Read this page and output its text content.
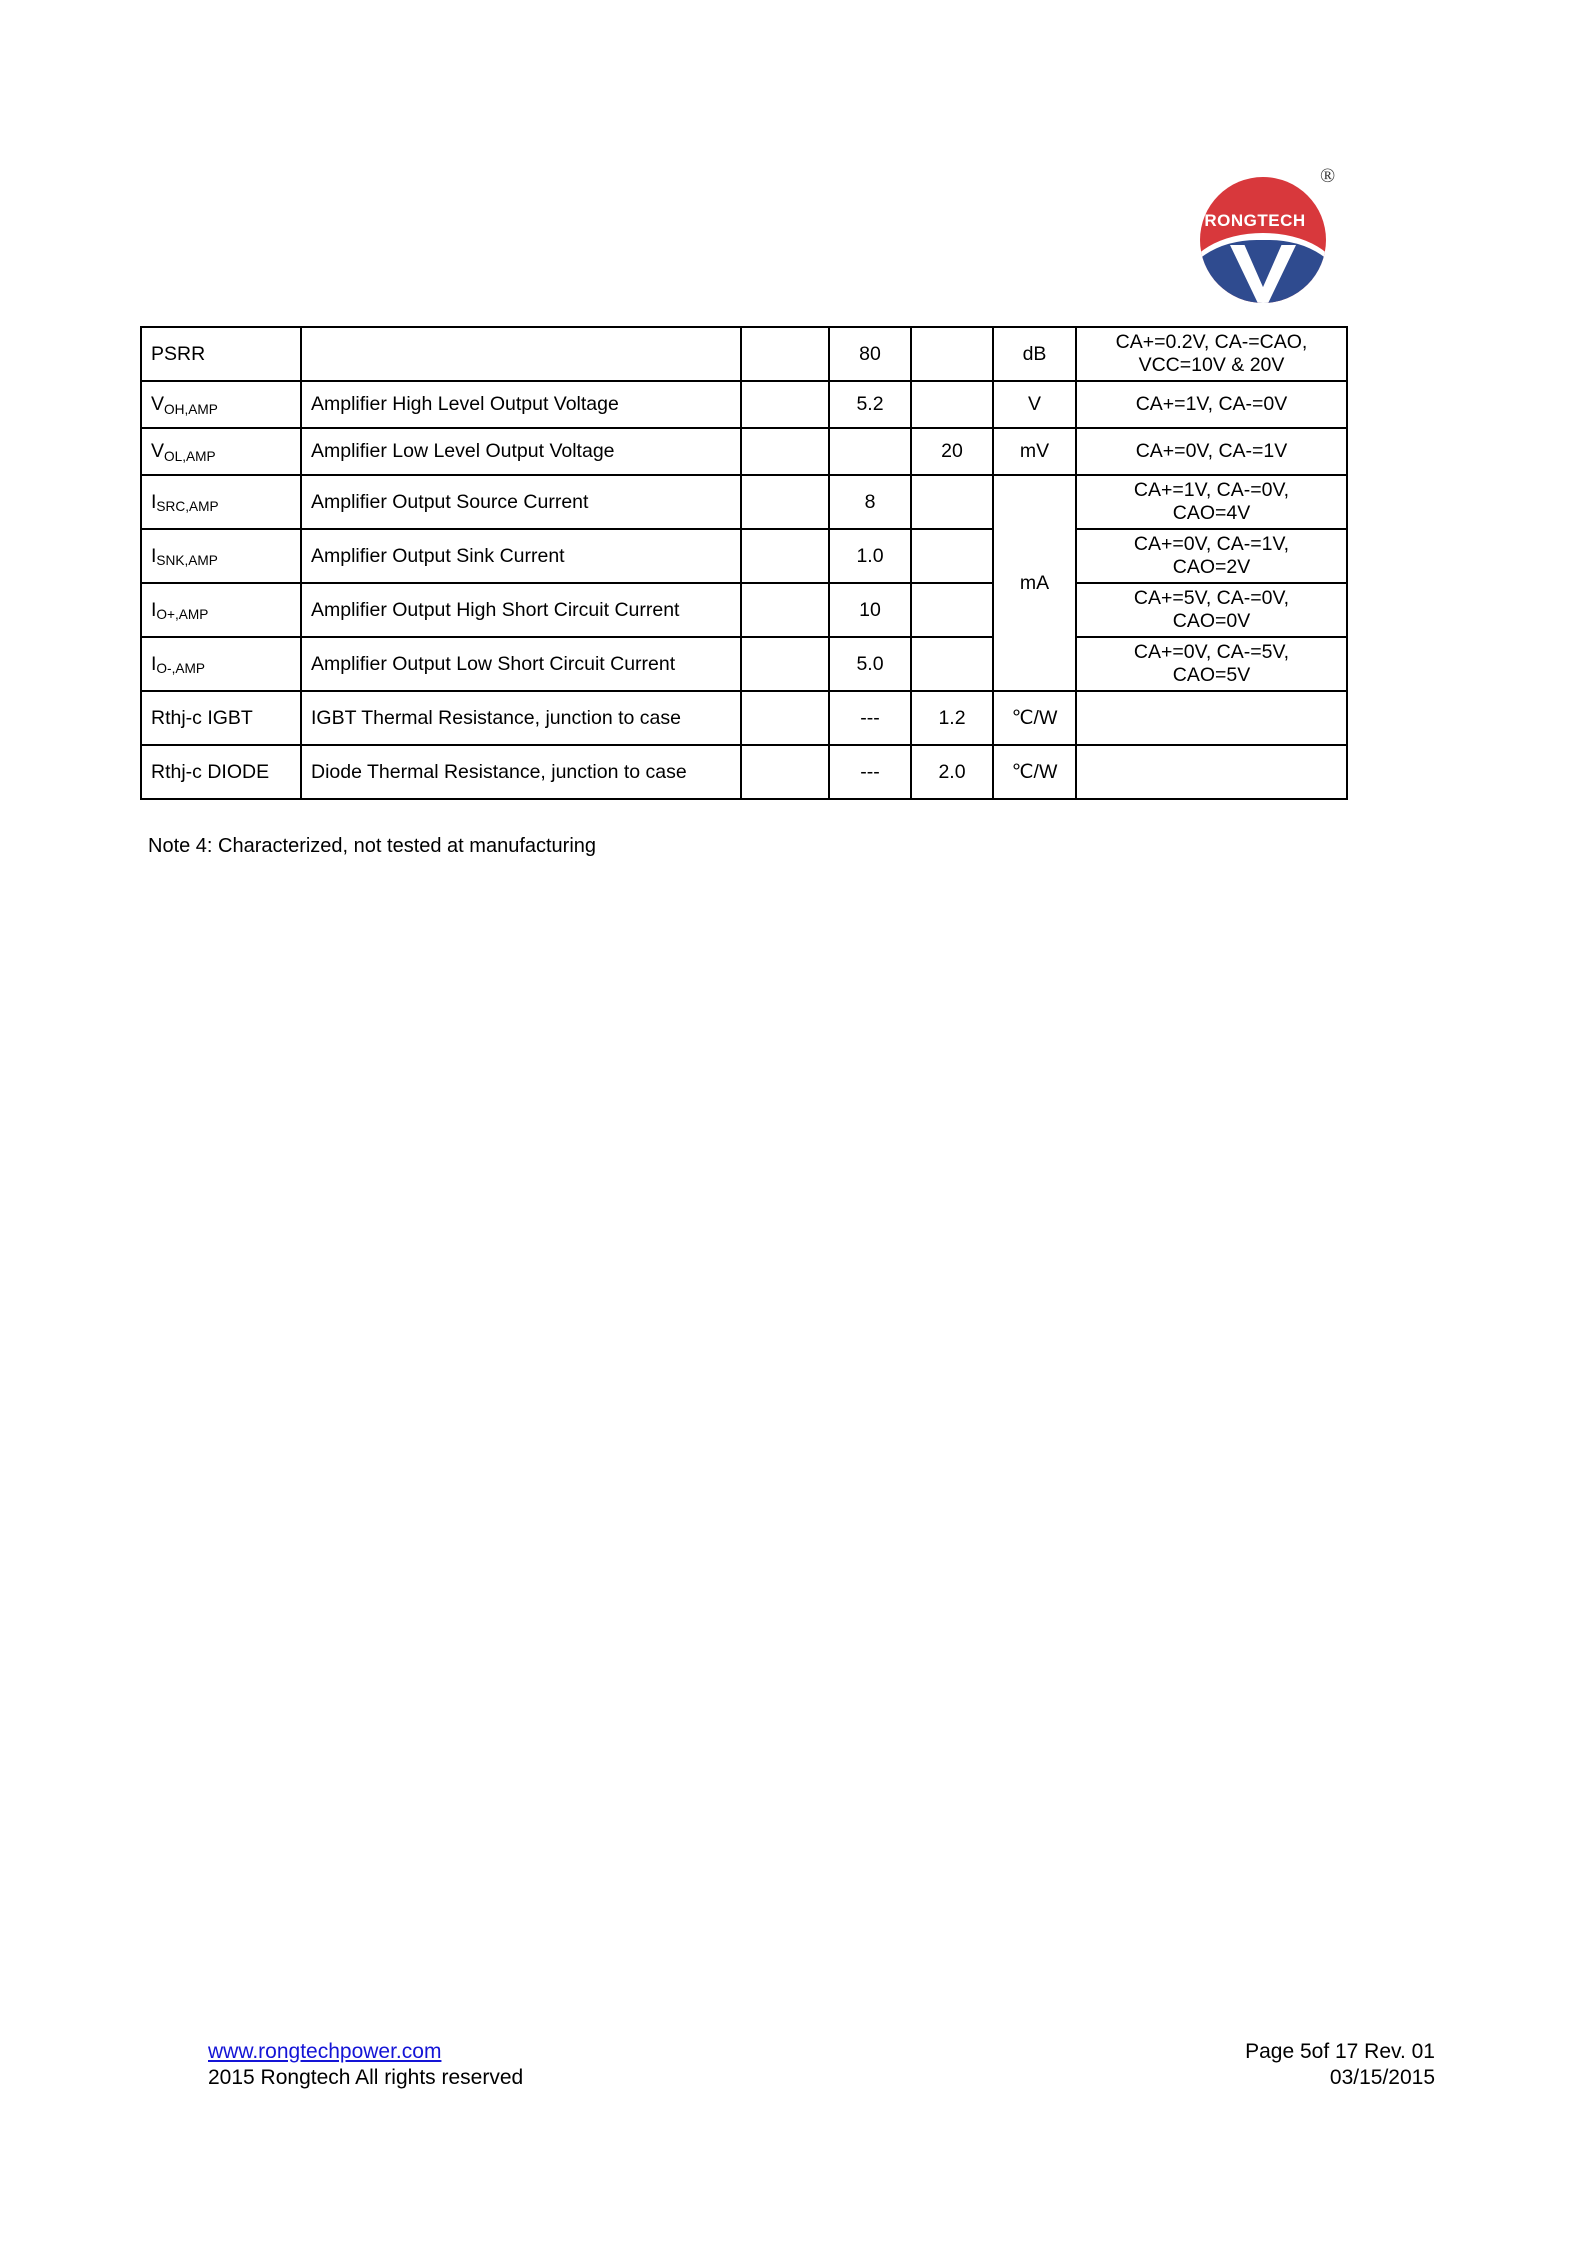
RONGTECH
®
PSRR			80		dB	CA+=0.2V, CA-=CAO,
VCC=10V & 20V
$V_{OH,AMP}$	Amplifier High Level Output Voltage		5.2		V	CA+=1V, CA-=0V
$V_{OL,AMP}$	Amplifier Low Level Output Voltage			20	mV	CA+=0V, CA-=1V
$I_{SRC,AMP}$	Amplifier Output Source Current		8		mA	CA+=1V, CA-=0V,
CAO=4V
$I_{SNK,AMP}$	Amplifier Output Sink Current		1.0			CA+=0V, CA-=1V,
CAO=2V
$I_{O+,AMP}$	Amplifier Output High Short Circuit Current		10			CA+=5V, CA-=0V,
CAO=0V
$I_{O-,AMP}$	Amplifier Output Low Short Circuit Current		5.0			CA+=0V, CA-=5V,
CAO=5V
Rthj-c IGBT	IGBT Thermal Resistance, junction to case		---	1.2	℃/W	
Rthj-c DIODE	Diode Thermal Resistance, junction to case		---	2.0	℃/W	
Note 4: Characterized, not tested at manufacturing
www.rongtechpower.com
2015 Rongtech All rights reserved
Page 5of 17 Rev. 01
03/15/2015
